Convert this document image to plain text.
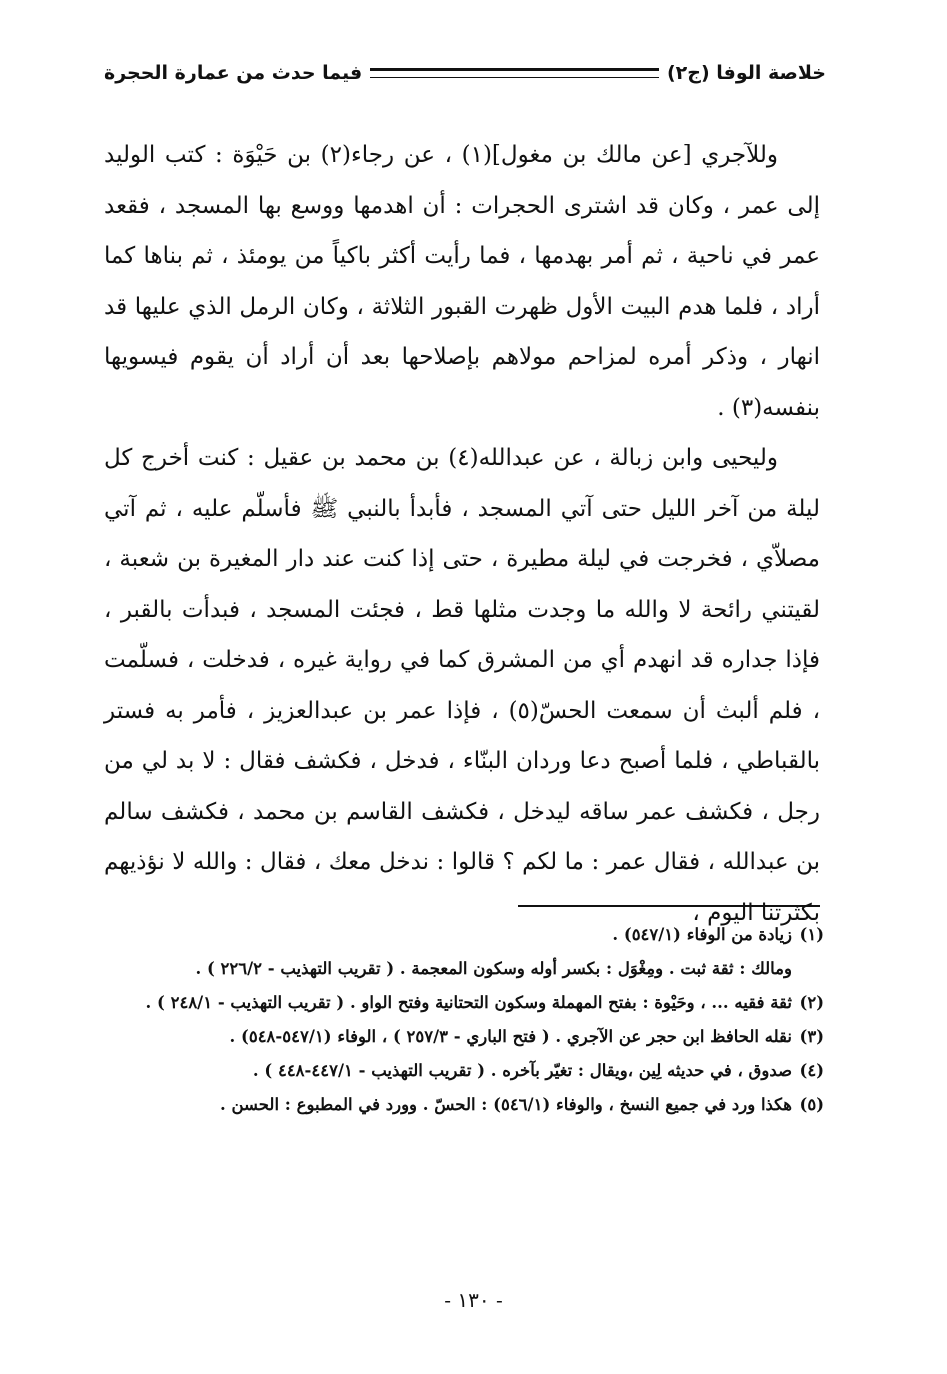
خلاصة الوفا (ج٢)
فيما حدث من عمارة الحجرة

وللآجري [عن مالك بن مغول](١) ، عن رجاء(٢) بن حَيْوَة : كتب الوليد إلى عمر ، وكان قد اشترى الحجرات : أن اهدمها ووسع بها المسجد ، فقعد عمر في ناحية ، ثم أمر بهدمها ، فما رأيت أكثر باكياً من يومئذ ، ثم بناها كما أراد ، فلما هدم البيت الأول ظهرت القبور الثلاثة ، وكان الرمل الذي عليها قد انهار ، وذكر أمره لمزاحم مولاهم بإصلاحها بعد أن أراد أن يقوم فيسويها بنفسه(٣) .

وليحيى وابن زبالة ، عن عبدالله(٤) بن محمد بن عقيل : كنت أخرج كل ليلة من آخر الليل حتى آتي المسجد ، فأبدأ بالنبي ﷺ فأسلّم عليه ، ثم آتي مصلاّي ، فخرجت في ليلة مطيرة ، حتى إذا كنت عند دار المغيرة بن شعبة ، لقيتني رائحة لا والله ما وجدت مثلها قط ، فجئت المسجد ، فبدأت بالقبر ، فإذا جداره قد انهدم أي من المشرق كما في رواية غيره ، فدخلت ، فسلّمت ، فلم ألبث أن سمعت الحسّ(٥) ، فإذا عمر بن عبدالعزيز ، فأمر به فستر بالقباطي ، فلما أصبح دعا وردان البنّاء ، فدخل ، فكشف فقال : لا بد لي من رجل ، فكشف عمر ساقه ليدخل ، فكشف القاسم بن محمد ، فكشف سالم بن عبدالله ، فقال عمر : ما لكم ؟ قالوا : ندخل معك ، فقال : والله لا نؤذيهم بكثرتنا اليوم ،

(١)
زيادة من الوفاء (٥٤٧/١) .
ومالك : ثقة ثبت . ومِغْوَل : بكسر أوله وسكون المعجمة . ( تقريب التهذيب - ٢٢٦/٢ ) .
(٢)
ثقة فقيه ... ، وحَيْوة : بفتح المهملة وسكون التحتانية وفتح الواو . ( تقريب التهذيب - ٢٤٨/١ ) .
(٣)
نقله الحافظ ابن حجر عن الآجري . ( فتح الباري - ٢٥٧/٣ ) ، الوفاء (٥٤٧/١-٥٤٨) .
(٤)
صدوق ، في حديثه لِين ،ويقال : تغيّر بآخره . ( تقريب التهذيب - ٤٤٧/١-٤٤٨ ) .
(٥)
هكذا ورد في جميع النسخ ، والوفاء (٥٤٦/١) : الحسّ . وورد في المطبوع : الحسن .
- ١٣٠ -
